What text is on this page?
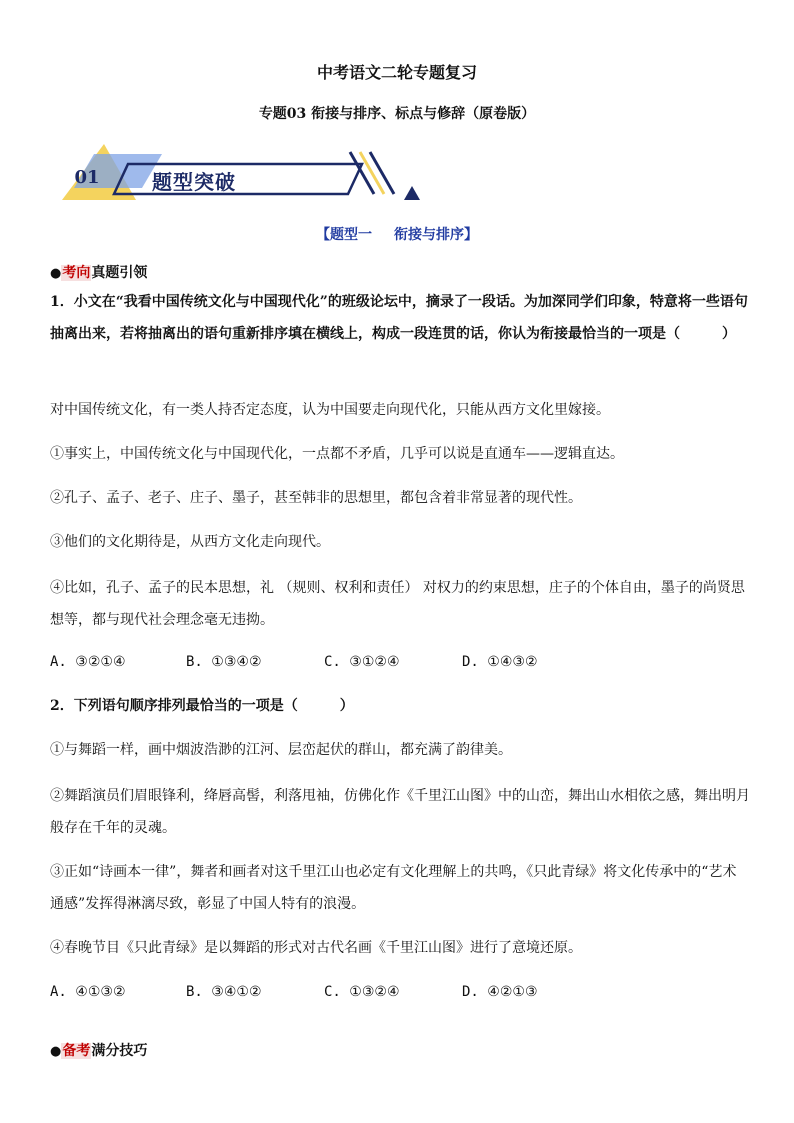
中考语文二轮专题复习
专题03 衔接与排序、标点与修辞（原卷版）
01	题型突破
【题型一 衔接与排序】
●考向真题引领
1．小文在“我看中国传统文化与中国现代化”的班级论坛中，摘录了一段话。为加深同学们印象，特意将一些语句抽离出来，若将抽离出的语句重新排序填在横线上，构成一段连贯的话，你认为衔接最恰当的一项是（　　　）
对中国传统文化，有一类人持否定态度，认为中国要走向现代化，只能从西方文化里嫁接。
①事实上，中国传统文化与中国现代化，一点都不矛盾，几乎可以说是直通车——逻辑直达。
②孔子、孟子、老子、庄子、墨子，甚至韩非的思想里，都包含着非常显著的现代性。
③他们的文化期待是，从西方文化走向现代。
④比如，孔子、孟子的民本思想，礼 （规则、权利和责任） 对权力的约束思想，庄子的个体自由，墨子的尚贤思想等，都与现代社会理念毫无违拗。
A. ③②①④	B. ①③④②	C. ③①②④	D. ①④③②
2．下列语句顺序排列最恰当的一项是（　　　）
①与舞蹈一样，画中烟波浩渺的江河、层峦起伏的群山，都充满了韵律美。
②舞蹈演员们眉眼锋利，绛唇高髻，利落甩袖，仿佛化作《千里江山图》中的山峦，舞出山水相依之感，舞出明月般存在千年的灵魂。
③正如“诗画本一律”，舞者和画者对这千里江山也必定有文化理解上的共鸣，《只此青绿》将文化传承中的“艺术通感”发挥得淋漓尽致，彰显了中国人特有的浪漫。
④春晚节目《只此青绿》是以舞蹈的形式对古代名画《千里江山图》进行了意境还原。
A. ④①③②	B. ③④①②	C. ①③②④	D. ④②①③
●备考满分技巧
